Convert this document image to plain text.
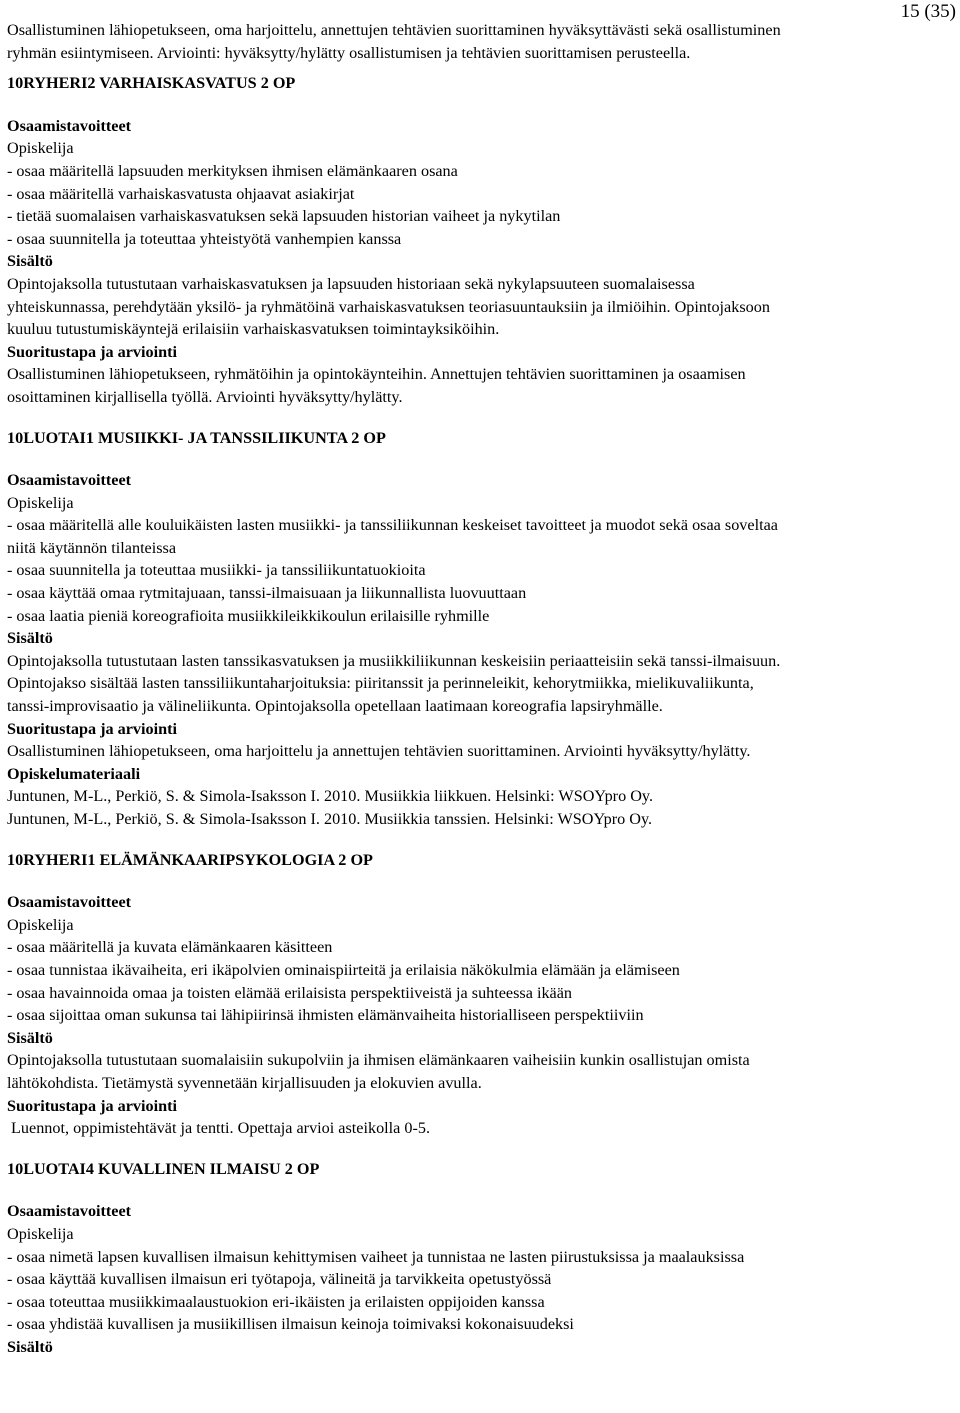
15 (35)
Osallistuminen lähiopetukseen, oma harjoittelu, annettujen tehtävien suorittaminen hyväksyttävästi sekä osallistuminen
ryhmän esiintymiseen. Arviointi: hyväksytty/hylätty osallistumisen ja tehtävien suorittamisen perusteella.
10RYHERI2 VARHAISKASVATUS 2 OP
Osaamistavoitteet
Opiskelija
- osaa määritellä lapsuuden merkityksen ihmisen elämänkaaren osana
- osaa määritellä varhaiskasvatusta ohjaavat asiakirjat
- tietää suomalaisen varhaiskasvatuksen sekä lapsuuden historian vaiheet ja nykytilan
- osaa suunnitella ja toteuttaa yhteistyötä vanhempien kanssa
Sisältö
Opintojaksolla tutustutaan varhaiskasvatuksen ja lapsuuden historiaan sekä nykylapsuuteen suomalaisessa
yhteiskunnassa, perehdytään yksilö- ja ryhmätöinä varhaiskasvatuksen teoriasuuntauksiin ja ilmiöihin. Opintojaksoon
kuuluu tutustumiskäyntejä erilaisiin varhaiskasvatuksen toimintayksiköihin.
Suoritustapa ja arviointi
Osallistuminen lähiopetukseen, ryhmätöihin ja opintokäynteihin. Annettujen tehtävien suorittaminen ja osaamisen
osoittaminen kirjallisella työllä. Arviointi hyväksytty/hylätty.
10LUOTAI1 MUSIIKKI- JA TANSSILIIKUNTA 2 OP
Osaamistavoitteet
Opiskelija
- osaa määritellä alle kouluikäisten lasten musiikki- ja tanssiliikunnan keskeiset tavoitteet ja muodot sekä osaa soveltaa
niitä käytännön tilanteissa
- osaa suunnitella ja toteuttaa musiikki- ja tanssiliikuntatuokioita
- osaa käyttää omaa rytmitajuaan, tanssi-ilmaisuaan ja liikunnallista luovuuttaan
- osaa laatia pieniä koreografioita musiikkileikkikoulun erilaisille ryhmille
Sisältö
Opintojaksolla tutustutaan lasten tanssikasvatuksen ja musiikkiliikunnan keskeisiin periaatteisiin sekä tanssi-ilmaisuun.
Opintojakso sisältää lasten tanssiliikuntaharjoituksia: piiritanssit ja perinneleikit, kehorytmiikka, mielikuvaliikunta,
tanssi-improvisaatio ja välineliikunta. Opintojaksolla opetellaan laatimaan koreografia lapsiryhmälle.
Suoritustapa ja arviointi
Osallistuminen lähiopetukseen, oma harjoittelu ja annettujen tehtävien suorittaminen. Arviointi hyväksytty/hylätty.
Opiskelumateriaali
Juntunen, M-L., Perkiö, S. & Simola-Isaksson I. 2010. Musiikkia liikkuen. Helsinki: WSOYpro Oy.
Juntunen, M-L., Perkiö, S. & Simola-Isaksson I. 2010. Musiikkia tanssien. Helsinki: WSOYpro Oy.
10RYHERI1 ELÄMÄNKAARIPSYKOLOGIA 2 OP
Osaamistavoitteet
Opiskelija
- osaa määritellä ja kuvata elämänkaaren käsitteen
- osaa tunnistaa ikävaiheita, eri ikäpolvien ominaispiirteitä ja erilaisia näkökulmia elämään ja elämiseen
- osaa havainnoida omaa ja toisten elämää erilaisista perspektiiveistä ja suhteessa ikään
- osaa sijoittaa oman sukunsa tai lähipiirinsä ihmisten elämänvaiheita historialliseen perspektiiviin
Sisältö
Opintojaksolla tutustutaan suomalaisiin sukupolviin ja ihmisen elämänkaaren vaiheisiin kunkin osallistujan omista
lähtökohdista. Tietämystä syvennetään kirjallisuuden ja elokuvien avulla.
Suoritustapa ja arviointi
Luennot, oppimistehtävät ja tentti. Opettaja arvioi asteikolla 0-5.
10LUOTAI4 KUVALLINEN ILMAISU 2 OP
Osaamistavoitteet
Opiskelija
- osaa nimetä lapsen kuvallisen ilmaisun kehittymisen vaiheet ja tunnistaa ne lasten piirustuksissa ja maalauksissa
- osaa käyttää kuvallisen ilmaisun eri työtapoja, välineitä ja tarvikkeita opetustyössä
- osaa toteuttaa musiikkimaalaustuokion eri-ikäisten ja erilaisten oppijoiden kanssa
- osaa yhdistää kuvallisen ja musiikillisen ilmaisun keinoja toimivaksi kokonaisuudeksi
Sisältö
